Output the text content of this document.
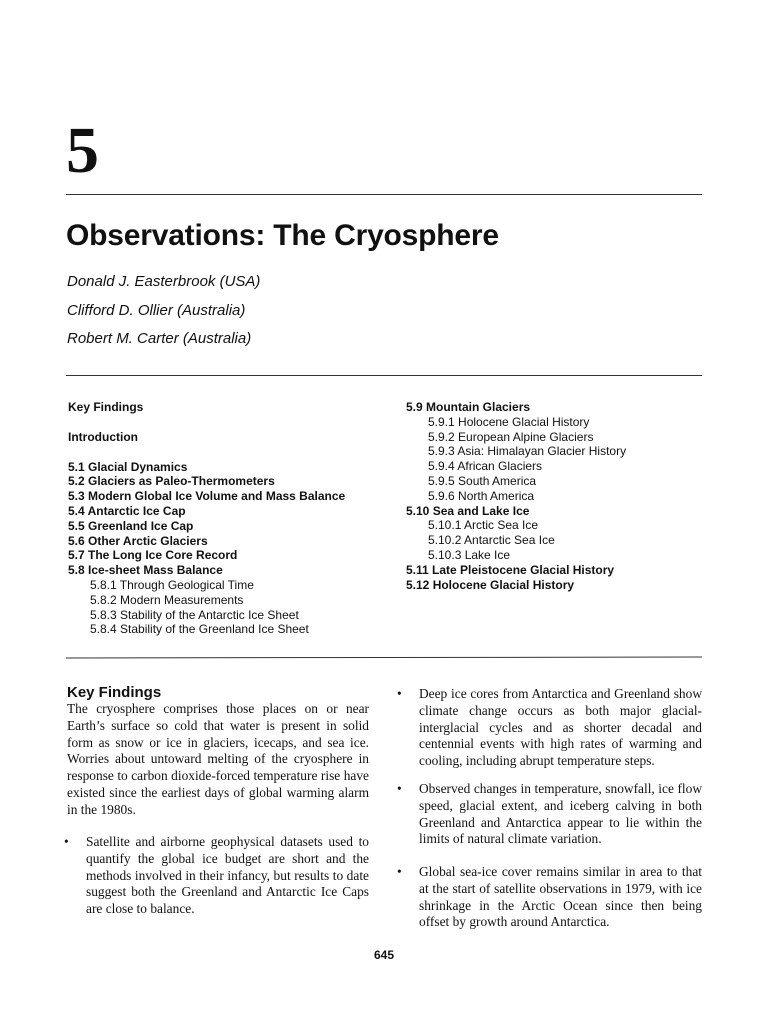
5
Observations: The Cryosphere
Donald J. Easterbrook (USA)
Clifford D. Ollier (Australia)
Robert M. Carter (Australia)
Key Findings
Introduction
5.1 Glacial Dynamics
5.2 Glaciers as Paleo-Thermometers
5.3 Modern Global Ice Volume and Mass Balance
5.4 Antarctic Ice Cap
5.5 Greenland Ice Cap
5.6 Other Arctic Glaciers
5.7 The Long Ice Core Record
5.8 Ice-sheet Mass Balance
5.8.1 Through Geological Time
5.8.2 Modern Measurements
5.8.3 Stability of the Antarctic Ice Sheet
5.8.4 Stability of the Greenland Ice Sheet
5.9 Mountain Glaciers
5.9.1 Holocene Glacial History
5.9.2 European Alpine Glaciers
5.9.3 Asia: Himalayan Glacier History
5.9.4 African Glaciers
5.9.5 South America
5.9.6 North America
5.10 Sea and Lake Ice
5.10.1 Arctic Sea Ice
5.10.2 Antarctic Sea Ice
5.10.3 Lake Ice
5.11 Late Pleistocene Glacial History
5.12 Holocene Glacial History
Key Findings
The cryosphere comprises those places on or near Earth’s surface so cold that water is present in solid form as snow or ice in glaciers, icecaps, and sea ice. Worries about untoward melting of the cryosphere in response to carbon dioxide-forced temperature rise have existed since the earliest days of global warming alarm in the 1980s.
• Satellite and airborne geophysical datasets used to quantify the global ice budget are short and the methods involved in their infancy, but results to date suggest both the Greenland and Antarctic Ice Caps are close to balance.
• Deep ice cores from Antarctica and Greenland show climate change occurs as both major glacial-interglacial cycles and as shorter decadal and centennial events with high rates of warming and cooling, including abrupt temperature steps.
• Observed changes in temperature, snowfall, ice flow speed, glacial extent, and iceberg calving in both Greenland and Antarctica appear to lie within the limits of natural climate variation.
• Global sea-ice cover remains similar in area to that at the start of satellite observations in 1979, with ice shrinkage in the Arctic Ocean since then being offset by growth around Antarctica.
645
